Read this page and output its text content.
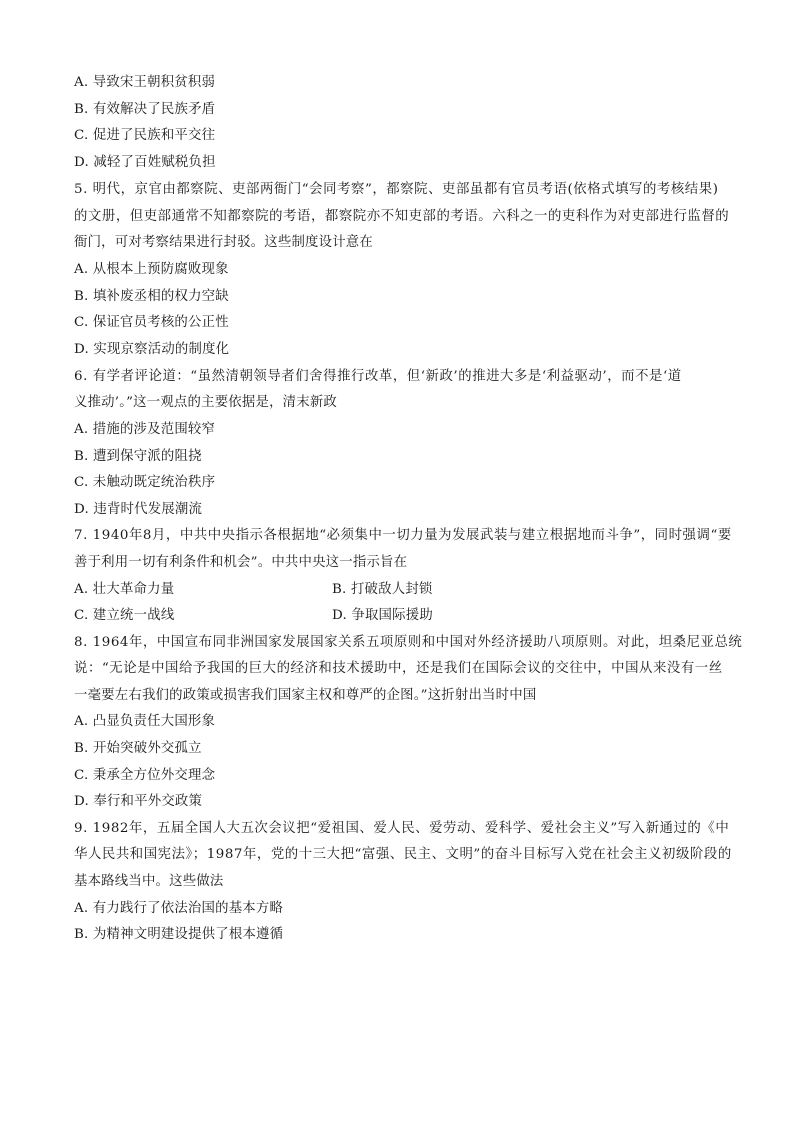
A. 导致宋王朝积贫积弱
B. 有效解决了民族矛盾
C. 促进了民族和平交往
D. 减轻了百姓赋税负担
5. 明代，京官由都察院、吏部两衙门“会同考察”，都察院、吏部虽都有官员考语(依格式填写的考核结果)
的文册，但吏部通常不知都察院的考语，都察院亦不知吏部的考语。六科之一的吏科作为对吏部进行监督的
衙门，可对考察结果进行封驳。这些制度设计意在
A. 从根本上预防腐败现象
B. 填补废丞相的权力空缺
C. 保证官员考核的公正性
D. 实现京察活动的制度化
6. 有学者评论道：“虽然清朝领导者们舍得推行改革，但‘新政’的推进大多是‘利益驱动’，而不是‘道
义推动’。”这一观点的主要依据是，清末新政
A. 措施的涉及范围较窄
B. 遭到保守派的阻挠
C. 未触动既定统治秩序
D. 违背时代发展潮流
7. 1940年8月，中共中央指示各根据地“必须集中一切力量为发展武装与建立根据地而斗争”，同时强调“要
善于利用一切有利条件和机会”。中共中央这一指示旨在
A. 壮大革命力量	B. 打破敌人封锁
C. 建立统一战线	D. 争取国际援助
8. 1964年，中国宣布同非洲国家发展国家关系五项原则和中国对外经济援助八项原则。对此，坦桑尼亚总统
说：“无论是中国给予我国的巨大的经济和技术援助中，还是我们在国际会议的交往中，中国从来没有一丝
一毫要左右我们的政策或损害我们国家主权和尊严的企图。”这折射出当时中国
A. 凸显负责任大国形象
B. 开始突破外交孤立
C. 秉承全方位外交理念
D. 奉行和平外交政策
9. 1982年，五届全国人大五次会议把“爱祖国、爱人民、爱劳动、爱科学、爱社会主义”写入新通过的《中
华人民共和国宪法》；1987年，党的十三大把“富强、民主、文明”的奋斗目标写入党在社会主义初级阶段的
基本路线当中。这些做法
A. 有力践行了依法治国的基本方略
B. 为精神文明建设提供了根本遵循
